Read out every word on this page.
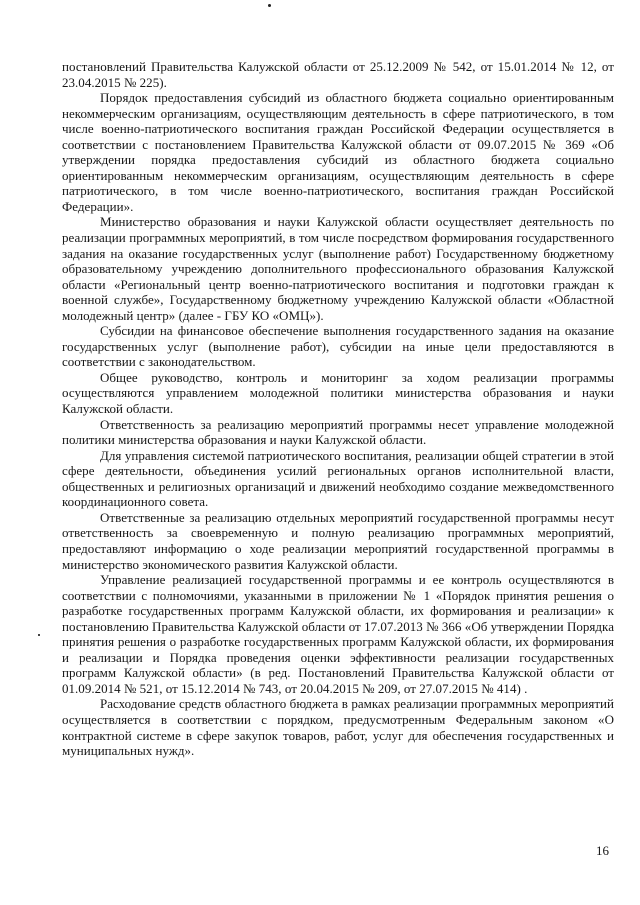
постановлений Правительства Калужской области от 25.12.2009 № 542, от 15.01.2014 № 12, от 23.04.2015 № 225).

Порядок предоставления субсидий из областного бюджета социально ориентированным некоммерческим организациям, осуществляющим деятельность в сфере патриотического, в том числе военно-патриотического воспитания граждан Российской Федерации осуществляется в соответствии с постановлением Правительства Калужской области от 09.07.2015 № 369 «Об утверждении порядка предоставления субсидий из областного бюджета социально ориентированным некоммерческим организациям, осуществляющим деятельность в сфере патриотического, в том числе военно-патриотического, воспитания граждан Российской Федерации».

Министерство образования и науки Калужской области осуществляет деятельность по реализации программных мероприятий, в том числе посредством формирования государственного задания на оказание государственных услуг (выполнение работ) Государственному бюджетному образовательному учреждению дополнительного профессионального образования Калужской области «Региональный центр военно-патриотического воспитания и подготовки граждан к военной службе», Государственному бюджетному учреждению Калужской области «Областной молодежный центр» (далее - ГБУ КО «ОМЦ»).

Субсидии на финансовое обеспечение выполнения государственного задания на оказание государственных услуг (выполнение работ), субсидии на иные цели предоставляются в соответствии с законодательством.

Общее руководство, контроль и мониторинг за ходом реализации программы осуществляются управлением молодежной политики министерства образования и науки Калужской области.

Ответственность за реализацию мероприятий программы несет управление молодежной политики министерства образования и науки Калужской области.

Для управления системой патриотического воспитания, реализации общей стратегии в этой сфере деятельности, объединения усилий региональных органов исполнительной власти, общественных и религиозных организаций и движений необходимо создание межведомственного координационного совета.

Ответственные за реализацию отдельных мероприятий государственной программы несут ответственность за своевременную и полную реализацию программных мероприятий, предоставляют информацию о ходе реализации мероприятий государственной программы в министерство экономического развития Калужской области.

Управление реализацией государственной программы и ее контроль осуществляются в соответствии с полномочиями, указанными в приложении № 1 «Порядок принятия решения о разработке государственных программ Калужской области, их формирования и реализации» к постановлению Правительства Калужской области от 17.07.2013 № 366 «Об утверждении Порядка принятия решения о разработке государственных программ Калужской области, их формирования и реализации и Порядка проведения оценки эффективности реализации государственных программ Калужской области» (в ред. Постановлений Правительства Калужской области от 01.09.2014 № 521, от 15.12.2014 № 743, от 20.04.2015 № 209, от 27.07.2015 № 414) .

Расходование средств областного бюджета в рамках реализации программных мероприятий осуществляется в соответствии с порядком, предусмотренным Федеральным законом «О контрактной системе в сфере закупок товаров, работ, услуг для обеспечения государственных и муниципальных нужд».

16
